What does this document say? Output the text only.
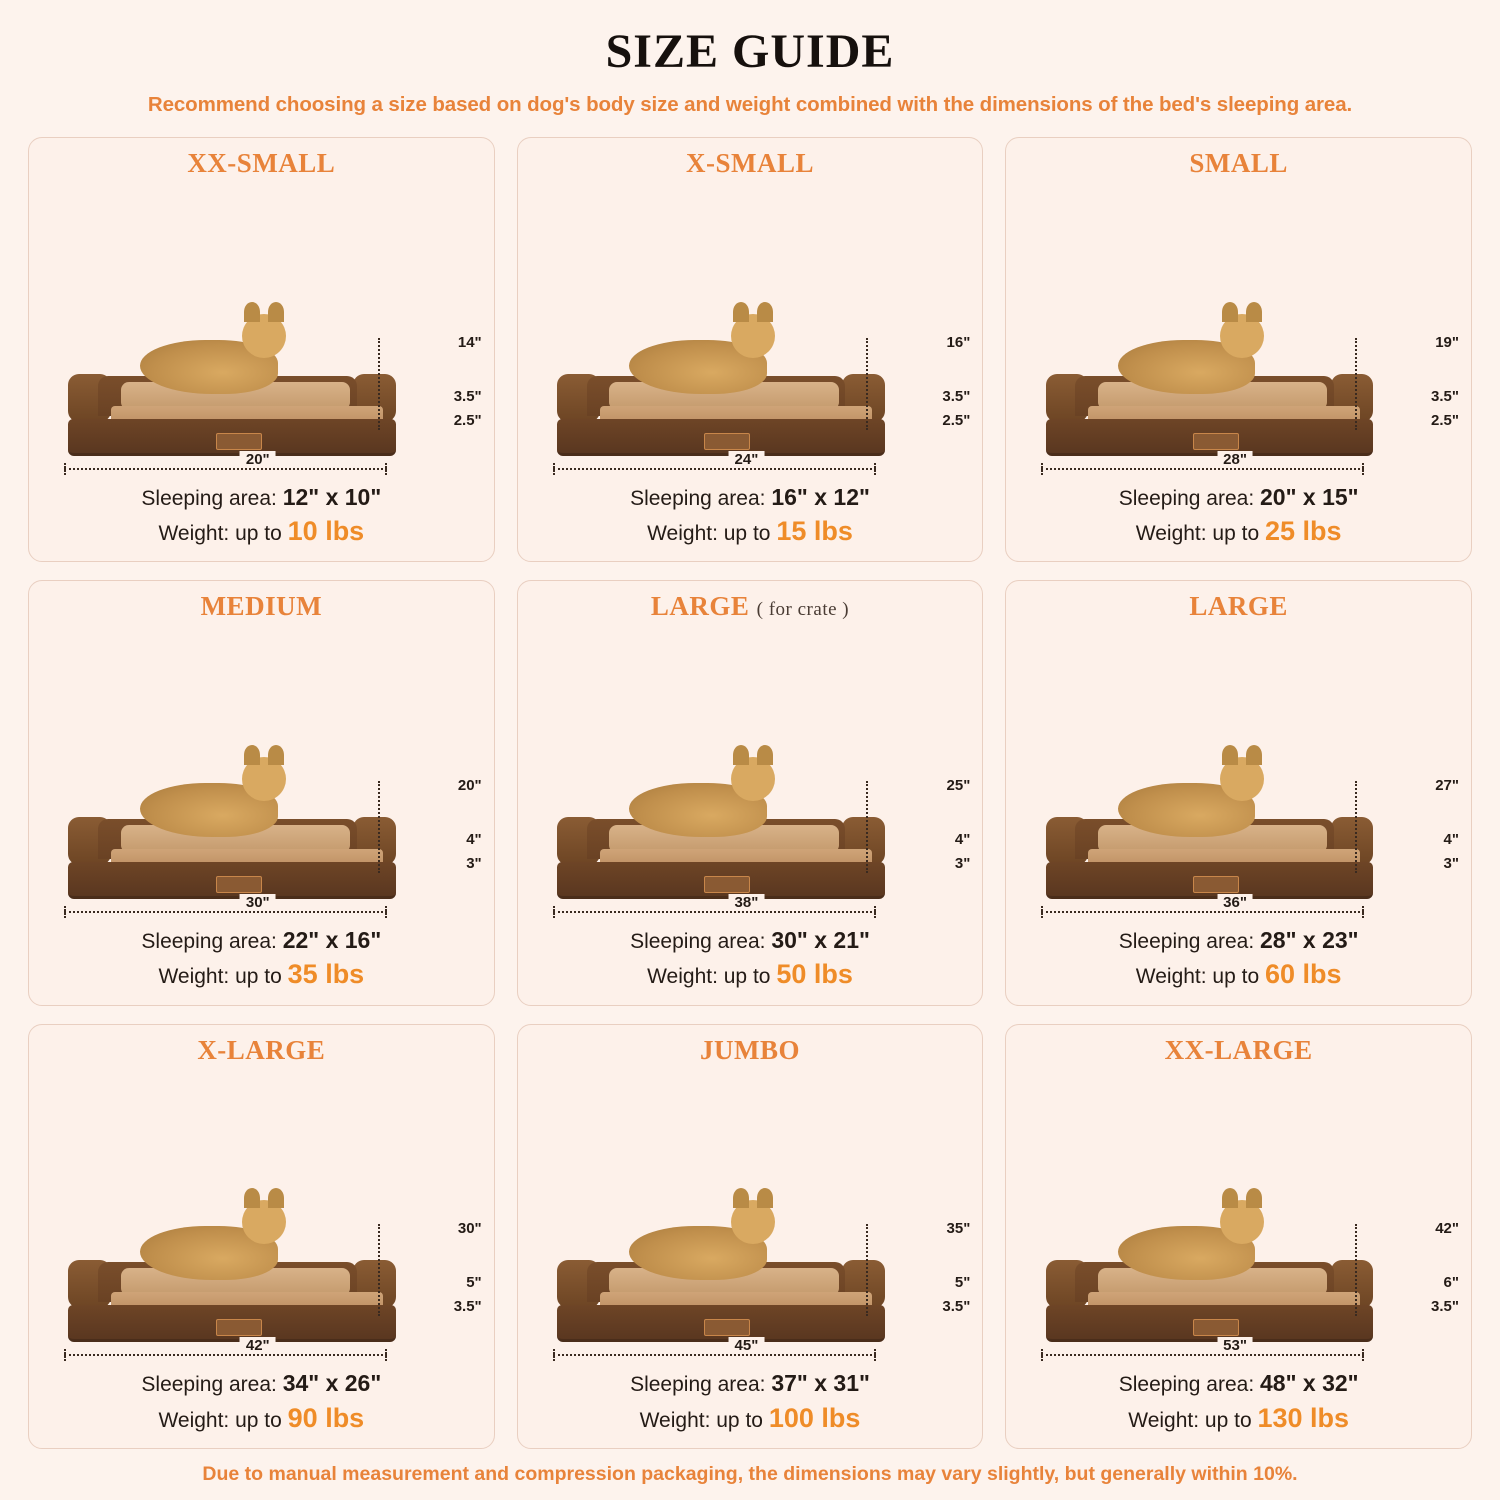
SIZE GUIDE
Recommend choosing a size based on dog's body size and weight combined with the dimensions of the bed's sleeping area.
XX-SMALL
14"
3.5"
2.5"
20"
Sleeping area: 12" x 10"
Weight: up to 10 lbs
X-SMALL
16"
3.5"
2.5"
24"
Sleeping area: 16" x 12"
Weight: up to 15 lbs
SMALL
19"
3.5"
2.5"
28"
Sleeping area: 20" x 15"
Weight: up to 25 lbs
MEDIUM
20"
4"
3"
30"
Sleeping area: 22" x 16"
Weight: up to 35 lbs
LARGE ( for crate )
25"
4"
3"
38"
Sleeping area: 30" x 21"
Weight: up to 50 lbs
LARGE
27"
4"
3"
36"
Sleeping area: 28" x 23"
Weight: up to 60 lbs
X-LARGE
30"
5"
3.5"
42"
Sleeping area: 34" x 26"
Weight: up to 90 lbs
JUMBO
35"
5"
3.5"
45"
Sleeping area: 37" x 31"
Weight: up to 100 lbs
XX-LARGE
42"
6"
3.5"
53"
Sleeping area: 48" x 32"
Weight: up to 130 lbs
Due to manual measurement and compression packaging, the dimensions may vary slightly, but generally within 10%.
